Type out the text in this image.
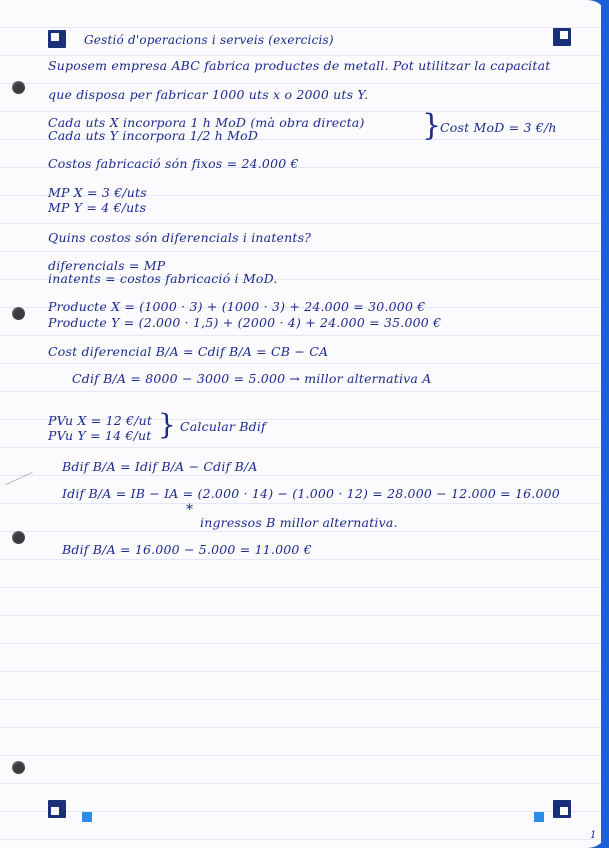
Gestió d'operacions i serveis (exercicis)
Suposem empresa ABC fabrica productes de metall. Pot utilitzar la capacitat
que disposa per fabricar 1000 uts x o 2000 uts Y.
Cada uts X incorpora 1 h MoD (mà obra directa)
Cada uts Y incorpora 1/2 h MoD	}
Cost MoD = 3 €/h
Costos fabricació són fixos = 24.000 €
MP X = 3 €/uts
MP Y = 4 €/uts
Quins costos són diferencials i inatents?
diferencials = MP
inatents = costos fabricació i MoD.
Producte X = (1000 · 3) + (1000 · 3) + 24.000 = 30.000 €
Producte Y = (2.000 · 1,5) + (2000 · 4) + 24.000 = 35.000 €
Cost diferencial B/A = Cdif B/A = CB − CA
Cdif B/A = 8000 − 3000 = 5.000 → millor alternativa A
PVu X = 12 €/ut
PVu Y = 14 €/ut } Calcular Bdif
Bdif B/A = Idif B/A − Cdif B/A
Idif B/A = IB − IA = (2.000 · 14) − (1.000 · 12) = 28.000 − 12.000 = 16.000
*
ingressos B millor alternativa.
Bdif B/A = 16.000 − 5.000 = 11.000 €
1
